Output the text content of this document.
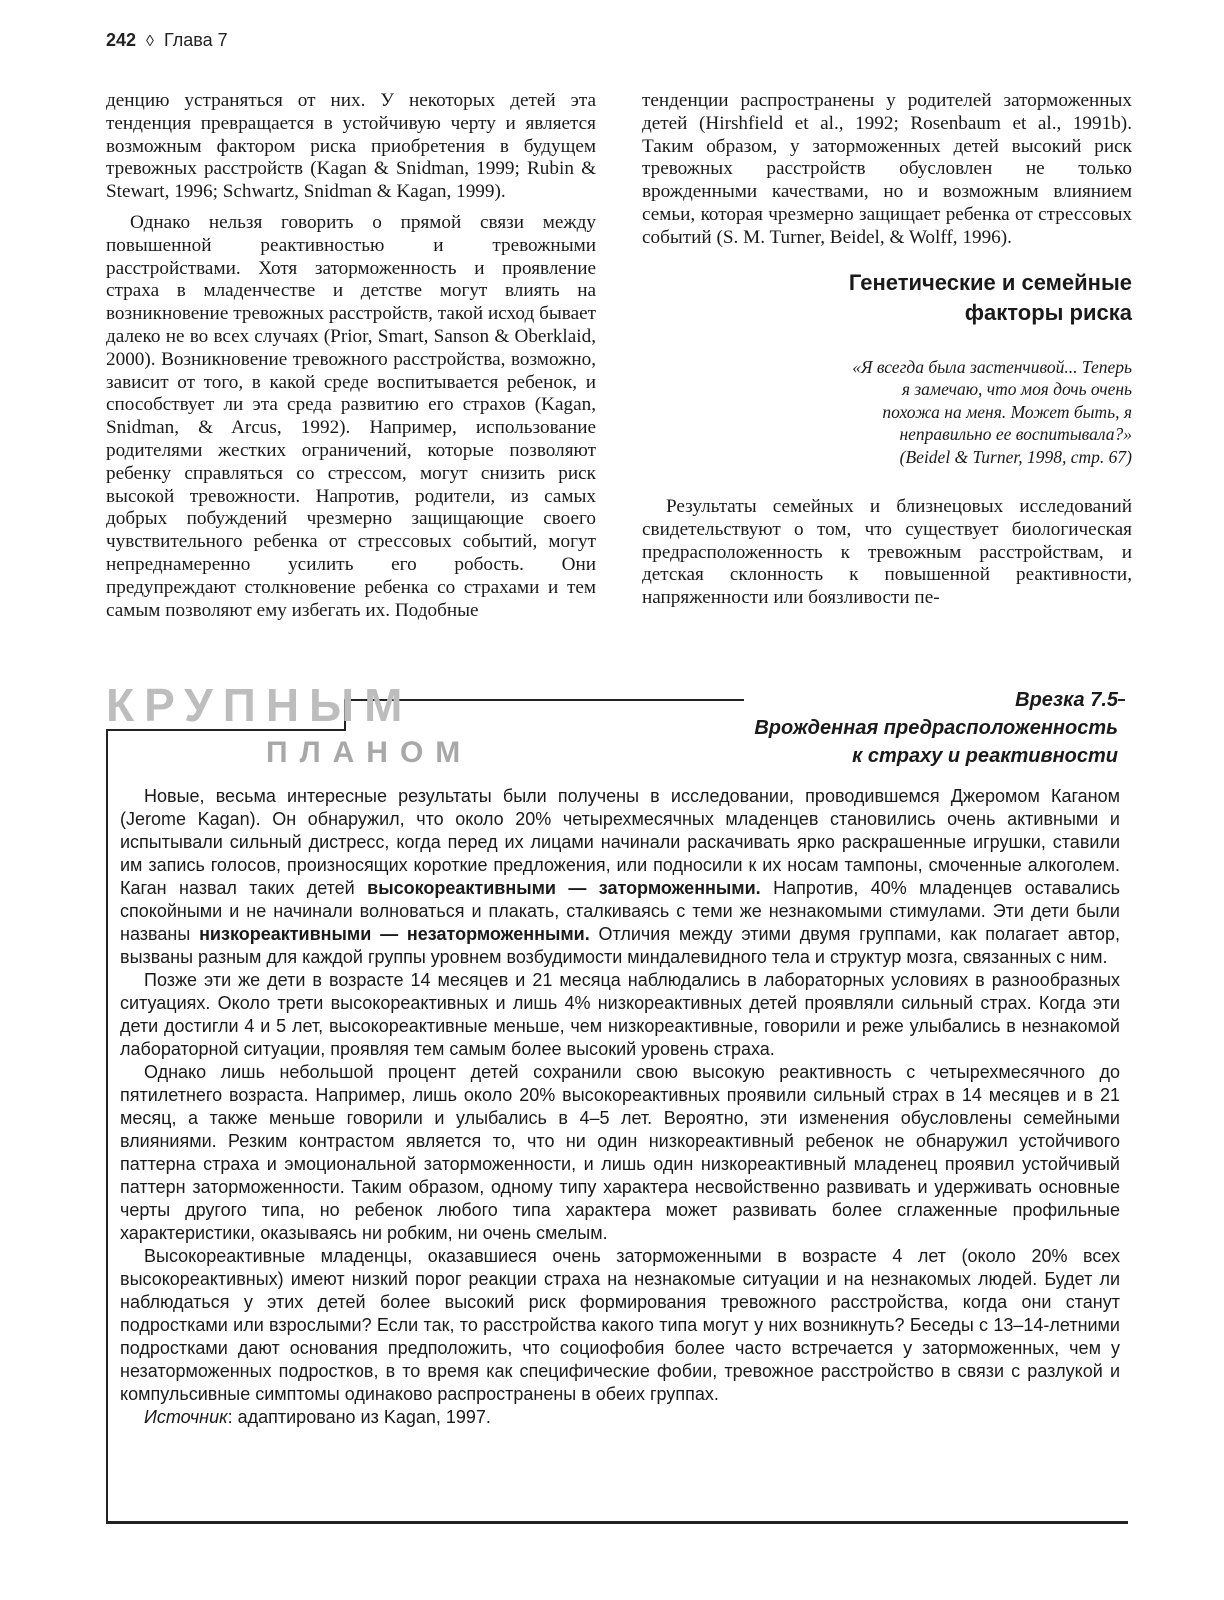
242 ◊ Глава 7

денцию устраняться от них. У некоторых детей эта тенденция превращается в устойчивую черту и является возможным фактором риска приобретения в будущем тревожных расстройств (Kagan & Snidman, 1999; Rubin & Stewart, 1996; Schwartz, Snidman & Kagan, 1999).

Однако нельзя говорить о прямой связи между повышенной реактивностью и тревожными расстройствами. Хотя заторможенность и проявление страха в младенчестве и детстве могут влиять на возникновение тревожных расстройств, такой исход бывает далеко не во всех случаях (Prior, Smart, Sanson & Oberklaid, 2000). Возникновение тревожного расстройства, возможно, зависит от того, в какой среде воспитывается ребенок, и способствует ли эта среда развитию его страхов (Kagan, Snidman, & Arcus, 1992). Например, использование родителями жестких ограничений, которые позволяют ребенку справляться со стрессом, могут снизить риск высокой тревожности. Напротив, родители, из самых добрых побуждений чрезмерно защищающие своего чувствительного ребенка от стрессовых событий, могут непреднамеренно усилить его робость. Они предупреждают столкновение ребенка со страхами и тем самым позволяют ему избегать их. Подобные

тенденции распространены у родителей заторможенных детей (Hirshfield et al., 1992; Rosenbaum et al., 1991b). Таким образом, у заторможенных детей высокий риск тревожных расстройств обусловлен не только врожденными качествами, но и возможным влиянием семьи, которая чрезмерно защищает ребенка от стрессовых событий (S. M. Turner, Beidel, & Wolff, 1996).

Генетические и семейные
факторы риска
«Я всегда была застенчивой... Теперь
я замечаю, что моя дочь очень
похожа на меня. Может быть, я
неправильно ее воспитывала?»
(Beidel & Turner, 1998, стр. 67)

Результаты семейных и близнецовых исследований свидетельствуют о том, что существует биологическая предрасположенность к тревожным расстройствам, и детская склонность к повышенной реактивности, напряженности или боязливости пе-

КРУПНЫМ
ПЛАНОМ
Врезка 7.5
Врожденная предрасположенность
к страху и реактивности

Новые, весьма интересные результаты были получены в исследовании, проводившемся Джеромом Каганом (Jerome Kagan). Он обнаружил, что около 20% четырехмесячных младенцев становились очень активными и испытывали сильный дистресс, когда перед их лицами начинали раскачивать ярко раскрашенные игрушки, ставили им запись голосов, произносящих короткие предложения, или подносили к их носам тампоны, смоченные алкоголем. Каган назвал таких детей высокореактивными — заторможенными. Напротив, 40% младенцев оставались спокойными и не начинали волноваться и плакать, сталкиваясь с теми же незнакомыми стимулами. Эти дети были названы низкореактивными — незаторможенными. Отличия между этими двумя группами, как полагает автор, вызваны разным для каждой группы уровнем возбудимости миндалевидного тела и структур мозга, связанных с ним.

Позже эти же дети в возрасте 14 месяцев и 21 месяца наблюдались в лабораторных условиях в разнообразных ситуациях. Около трети высокореактивных и лишь 4% низкореактивных детей проявляли сильный страх. Когда эти дети достигли 4 и 5 лет, высокореактивные меньше, чем низкореактивные, говорили и реже улыбались в незнакомой лабораторной ситуации, проявляя тем самым более высокий уровень страха.

Однако лишь небольшой процент детей сохранили свою высокую реактивность с четырехмесячного до пятилетнего возраста. Например, лишь около 20% высокореактивных проявили сильный страх в 14 месяцев и в 21 месяц, а также меньше говорили и улыбались в 4–5 лет. Вероятно, эти изменения обусловлены семейными влияниями. Резким контрастом является то, что ни один низкореактивный ребенок не обнаружил устойчивого паттерна страха и эмоциональной заторможенности, и лишь один низкореактивный младенец проявил устойчивый паттерн заторможенности. Таким образом, одному типу характера несвойственно развивать и удерживать основные черты другого типа, но ребенок любого типа характера может развивать более сглаженные профильные характеристики, оказываясь ни робким, ни очень смелым.

Высокореактивные младенцы, оказавшиеся очень заторможенными в возрасте 4 лет (около 20% всех высокореактивных) имеют низкий порог реакции страха на незнакомые ситуации и на незнакомых людей. Будет ли наблюдаться у этих детей более высокий риск формирования тревожного расстройства, когда они станут подростками или взрослыми? Если так, то расстройства какого типа могут у них возникнуть? Беседы с 13–14-летними подростками дают основания предположить, что социофобия более часто встречается у заторможенных, чем у незаторможенных подростков, в то время как специфические фобии, тревожное расстройство в связи с разлукой и компульсивные симптомы одинаково распространены в обеих группах.

Источник: адаптировано из Kagan, 1997.
